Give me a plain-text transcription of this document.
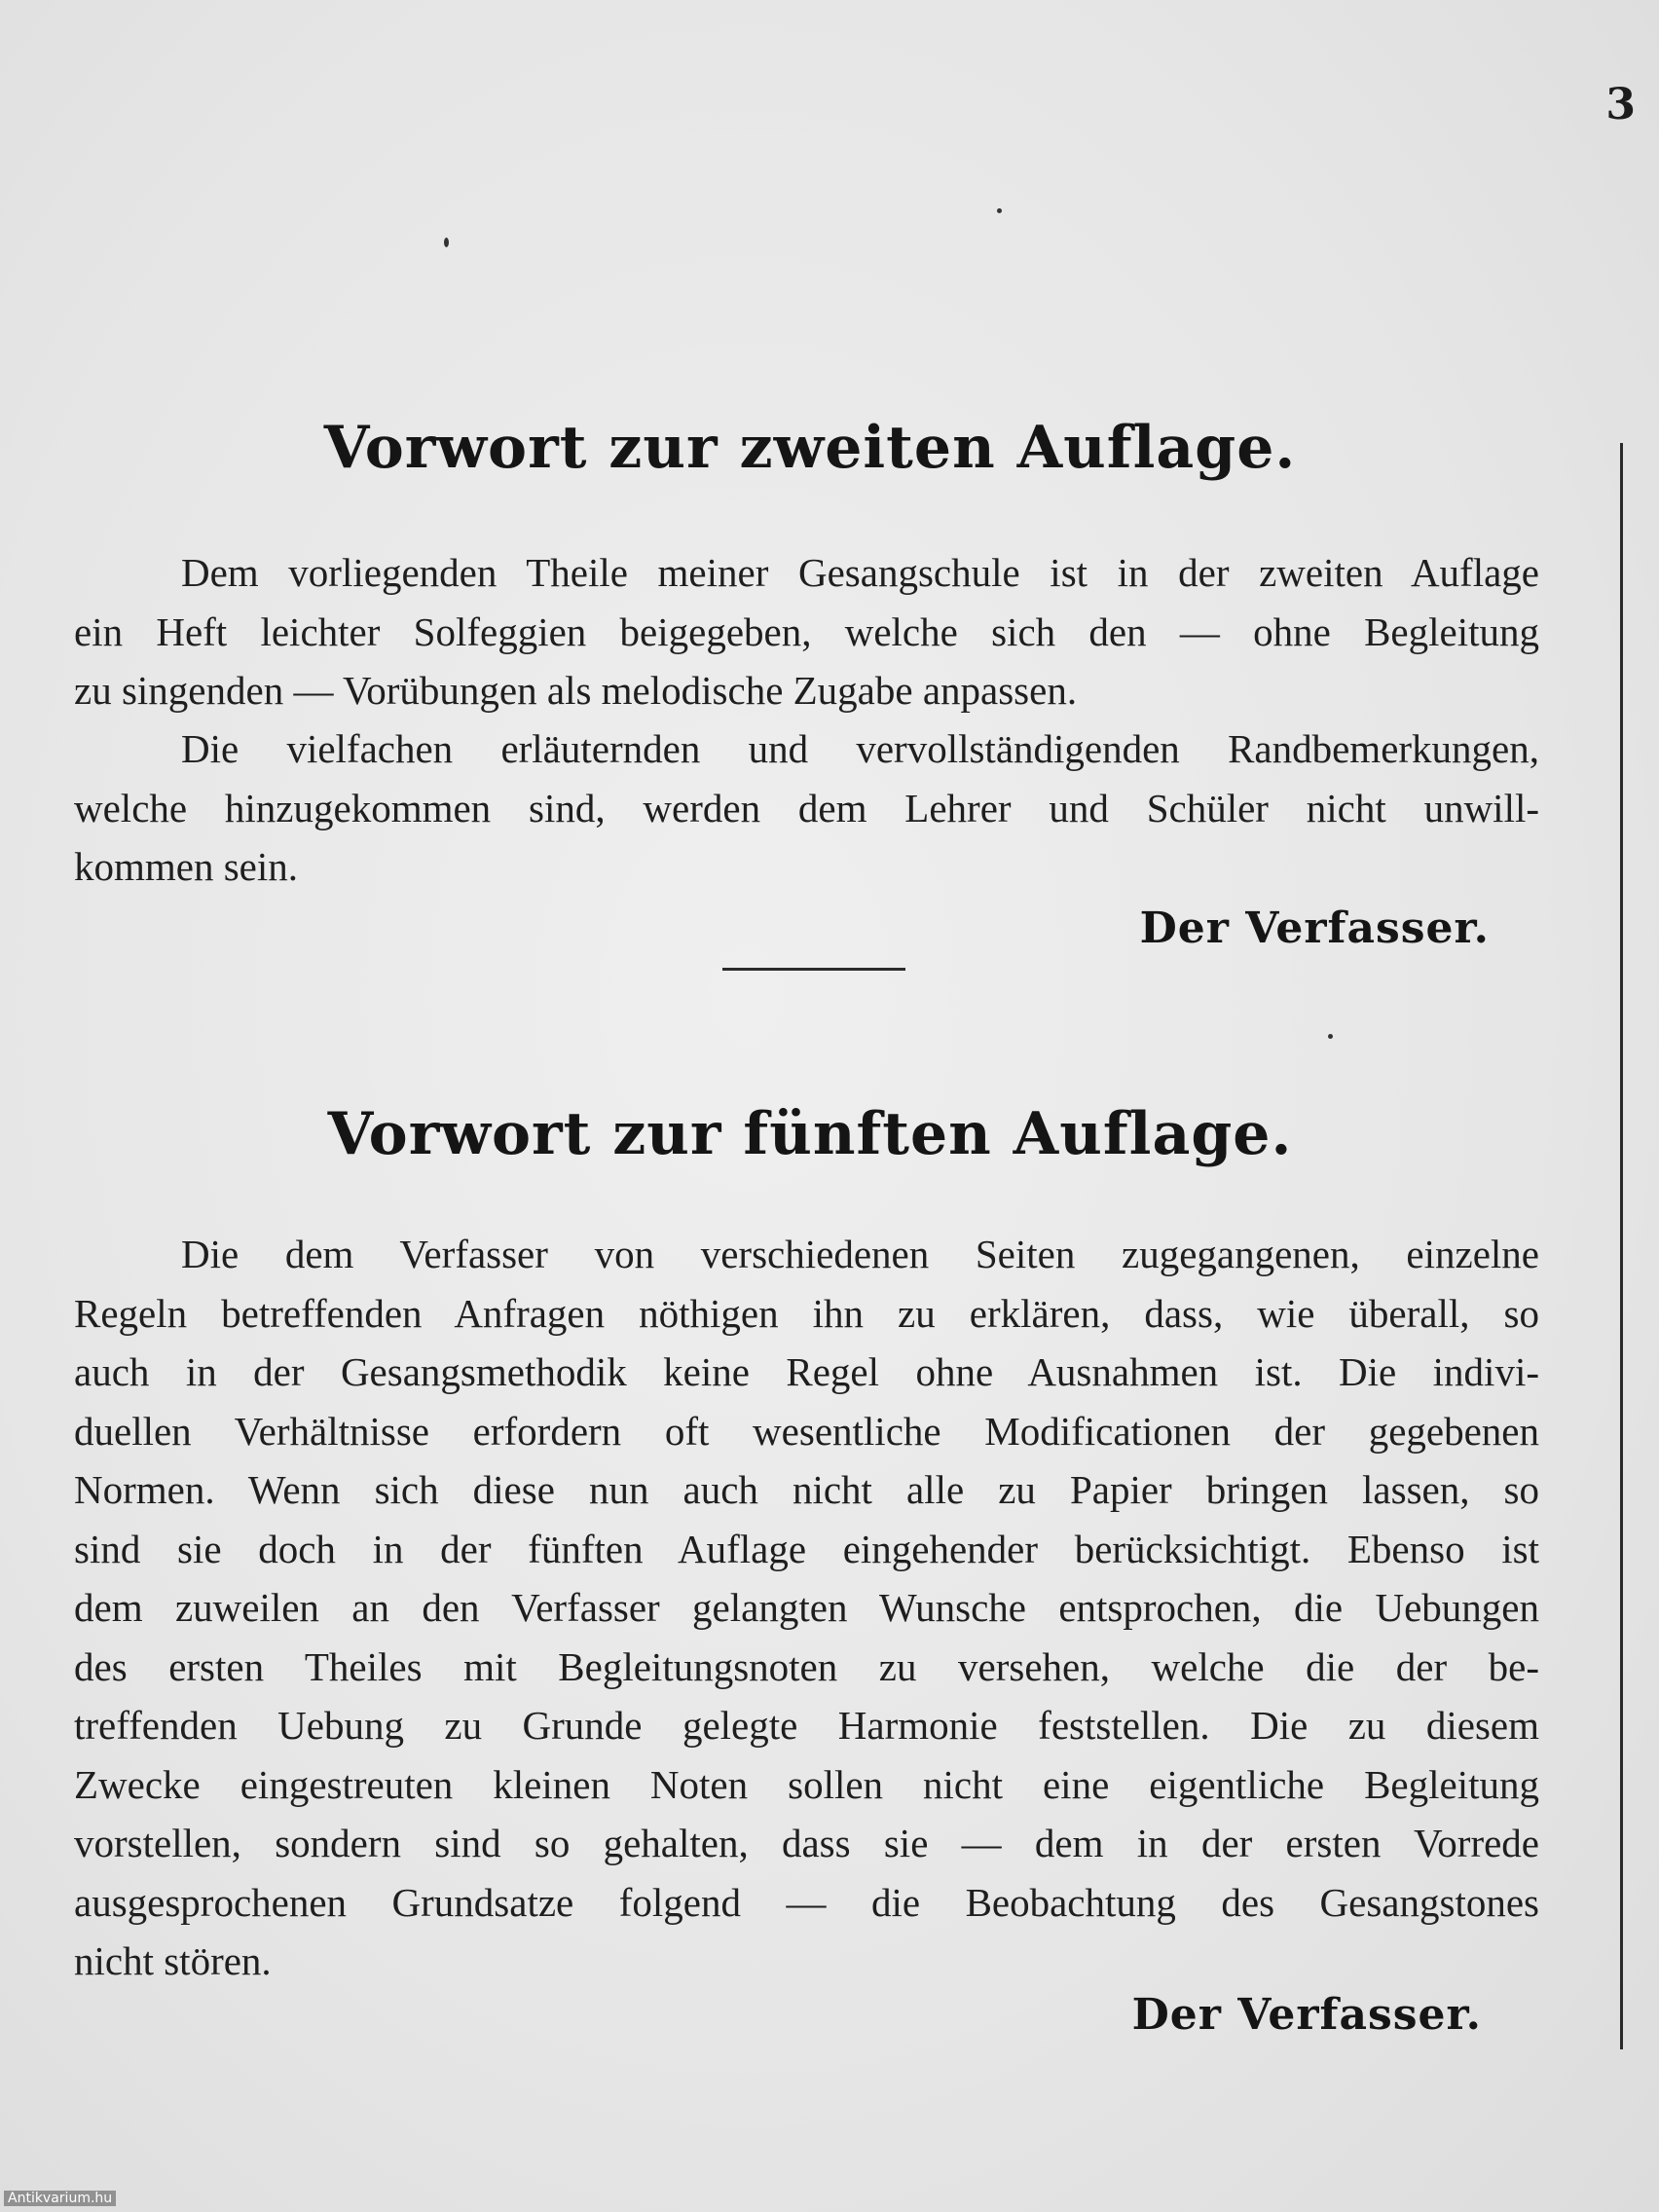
3
Vorwort zur zweiten Auflage.
Dem vorliegenden Theile meiner Gesangschule ist in der zweiten Auflage
ein Heft leichter Solfeggien beigegeben, welche sich den — ohne Begleitung
zu singenden — Vorübungen als melodische Zugabe anpassen.
Die vielfachen erläuternden und vervollständigenden Randbemerkungen,
welche hinzugekommen sind, werden dem Lehrer und Schüler nicht unwill-
kommen sein.
Der Verfasser.
Vorwort zur fünften Auflage.
Die dem Verfasser von verschiedenen Seiten zugegangenen, einzelne
Regeln betreffenden Anfragen nöthigen ihn zu erklären, dass, wie überall, so
auch in der Gesangsmethodik keine Regel ohne Ausnahmen ist. Die indivi-
duellen Verhältnisse erfordern oft wesentliche Modificationen der gegebenen
Normen. Wenn sich diese nun auch nicht alle zu Papier bringen lassen, so
sind sie doch in der fünften Auflage eingehender berücksichtigt. Ebenso ist
dem zuweilen an den Verfasser gelangten Wunsche entsprochen, die Uebungen
des ersten Theiles mit Begleitungsnoten zu versehen, welche die der be-
treffenden Uebung zu Grunde gelegte Harmonie feststellen. Die zu diesem
Zwecke eingestreuten kleinen Noten sollen nicht eine eigentliche Begleitung
vorstellen, sondern sind so gehalten, dass sie — dem in der ersten Vorrede
ausgesprochenen Grundsatze folgend — die Beobachtung des Gesangstones
nicht stören.
Der Verfasser.
Antikvarium.hu
